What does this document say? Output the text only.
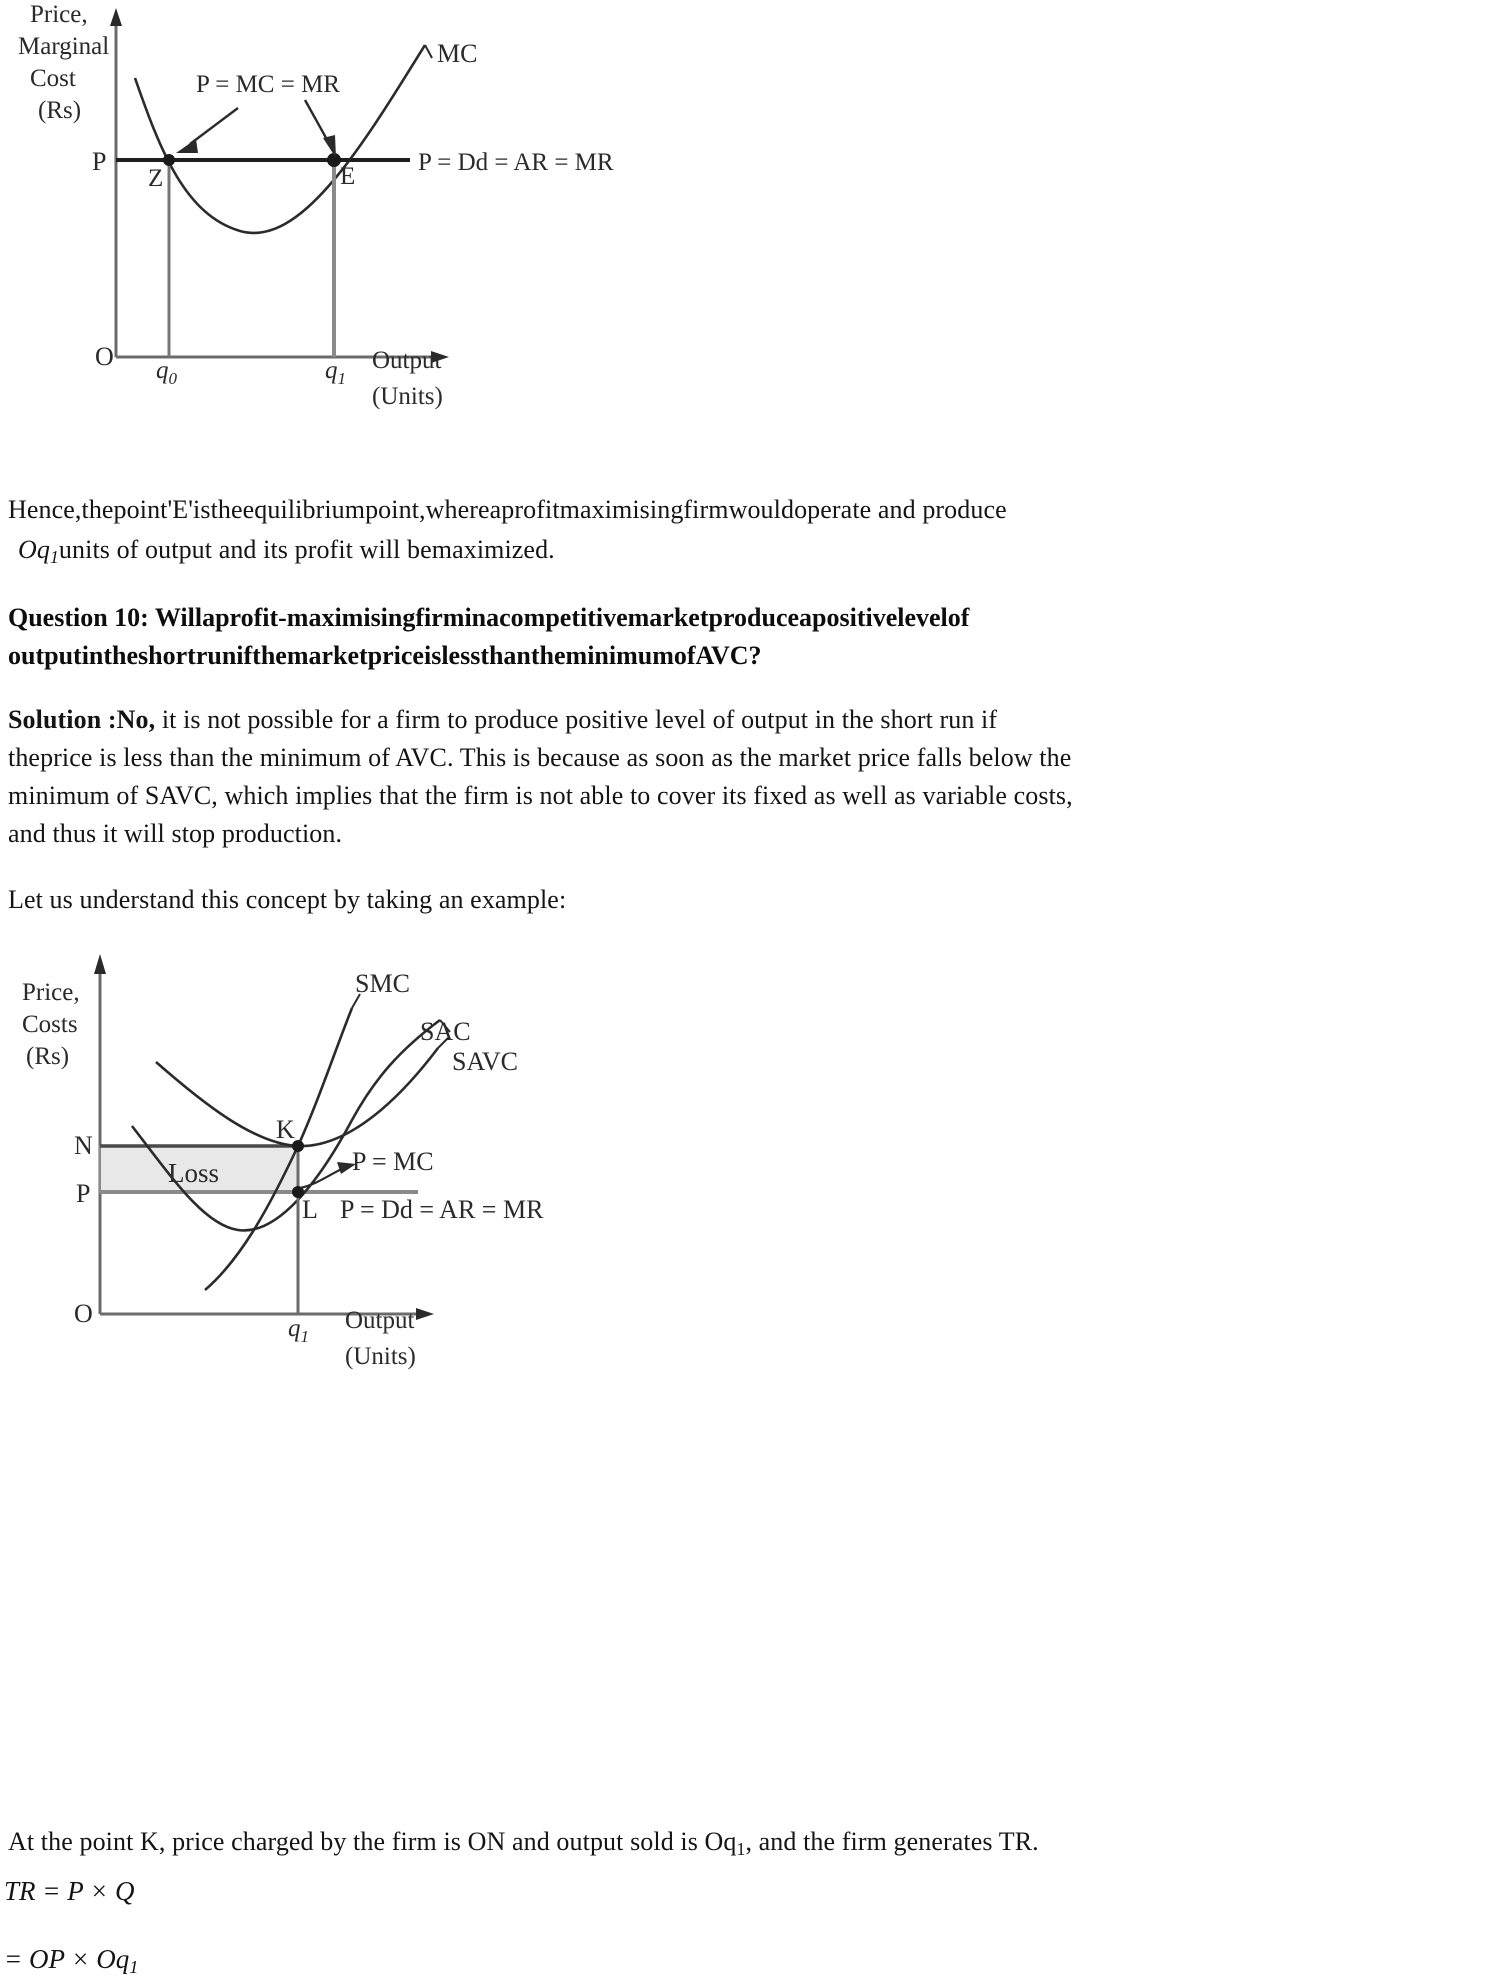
Price,
Marginal
Cost
(Rs)
MC
P = MC = MR
P
Z	E
P = Dd = AR = MR
O $q_0$	$q_1$
Output
(Units)
Hence,thepoint'E'istheequilibriumpoint,whereaprofitmaximisingfirmwouldoperate and produce
$Oq_1units$ of output and its profit will bemaximized.
Question 10: Willaprofit-maximisingfirminacompetitivemarketproduceapositivelevelof
outputintheshortrunifthemarketpriceislessthantheminimumofAVC?
Solution :No, it is not possible for a firm to produce positive level of output in the short run if
theprice is less than the minimum of AVC. This is because as soon as the market price falls below the
minimum of SAVC, which implies that the firm is not able to cover its fixed as well as variable costs,
and thus it will stop production.
Let us understand this concept by taking an example:
SMC
SAC
SAVC
Price,
Costs
(Rs)
N
P
K
L
Loss	P = MC
P = Dd = AR = MR
O
$q_1$
Output
(Units)
At the point K, price charged by the firm is ON and output sold is $Oq_1$, and the firm generates TR.
TR = P × Q
= OP × $Oq_1$
